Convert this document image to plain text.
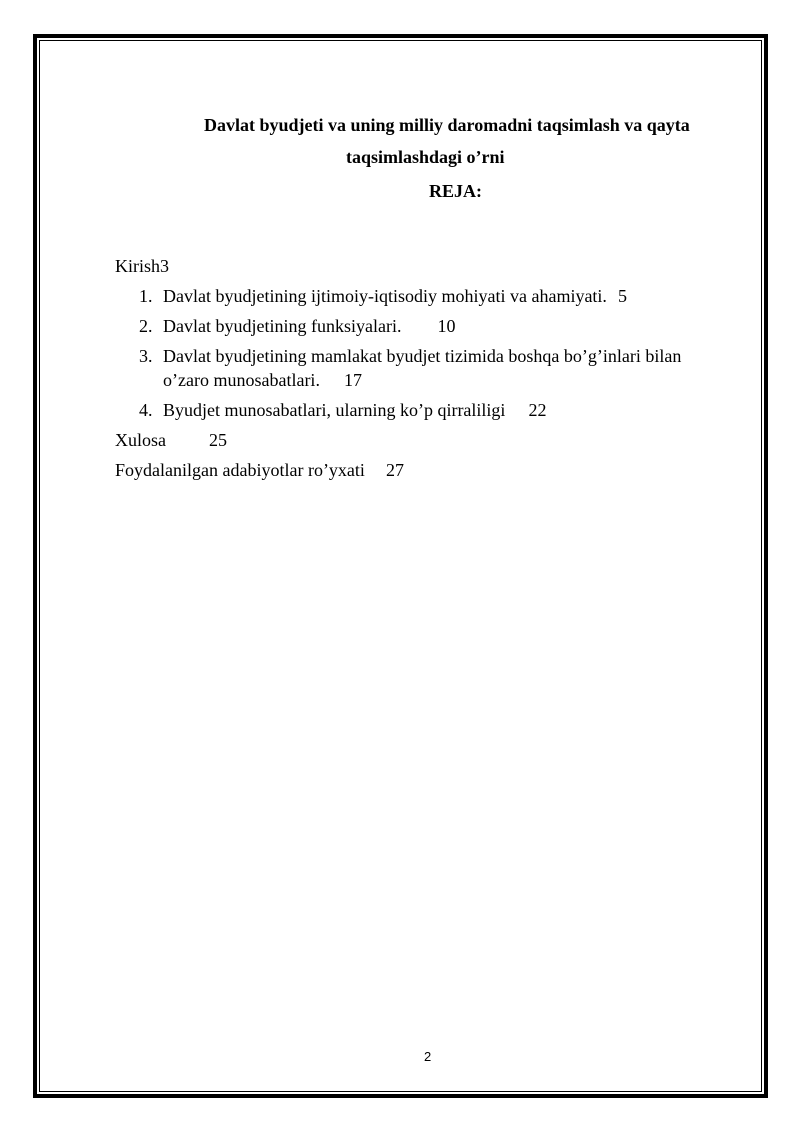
Davlat byudjeti va uning milliy daromadni taqsimlash va qayta
taqsimlashdagi o’rni
REJA:
Kirish3
1. Davlat byudjetining ijtimoiy-iqtisodiy mohiyati va ahamiyati. 5
2. Davlat byudjetining funksiyalari. 10
3. Davlat byudjetining mamlakat byudjet tizimida boshqa bo’g’inlari bilan
o’zaro munosabatlari. 17
4. Byudjet munosabatlari, ularning ko’p qirraliligi 22
Xulosa 25
Foydalanilgan adabiyotlar ro’yxati 27
2
